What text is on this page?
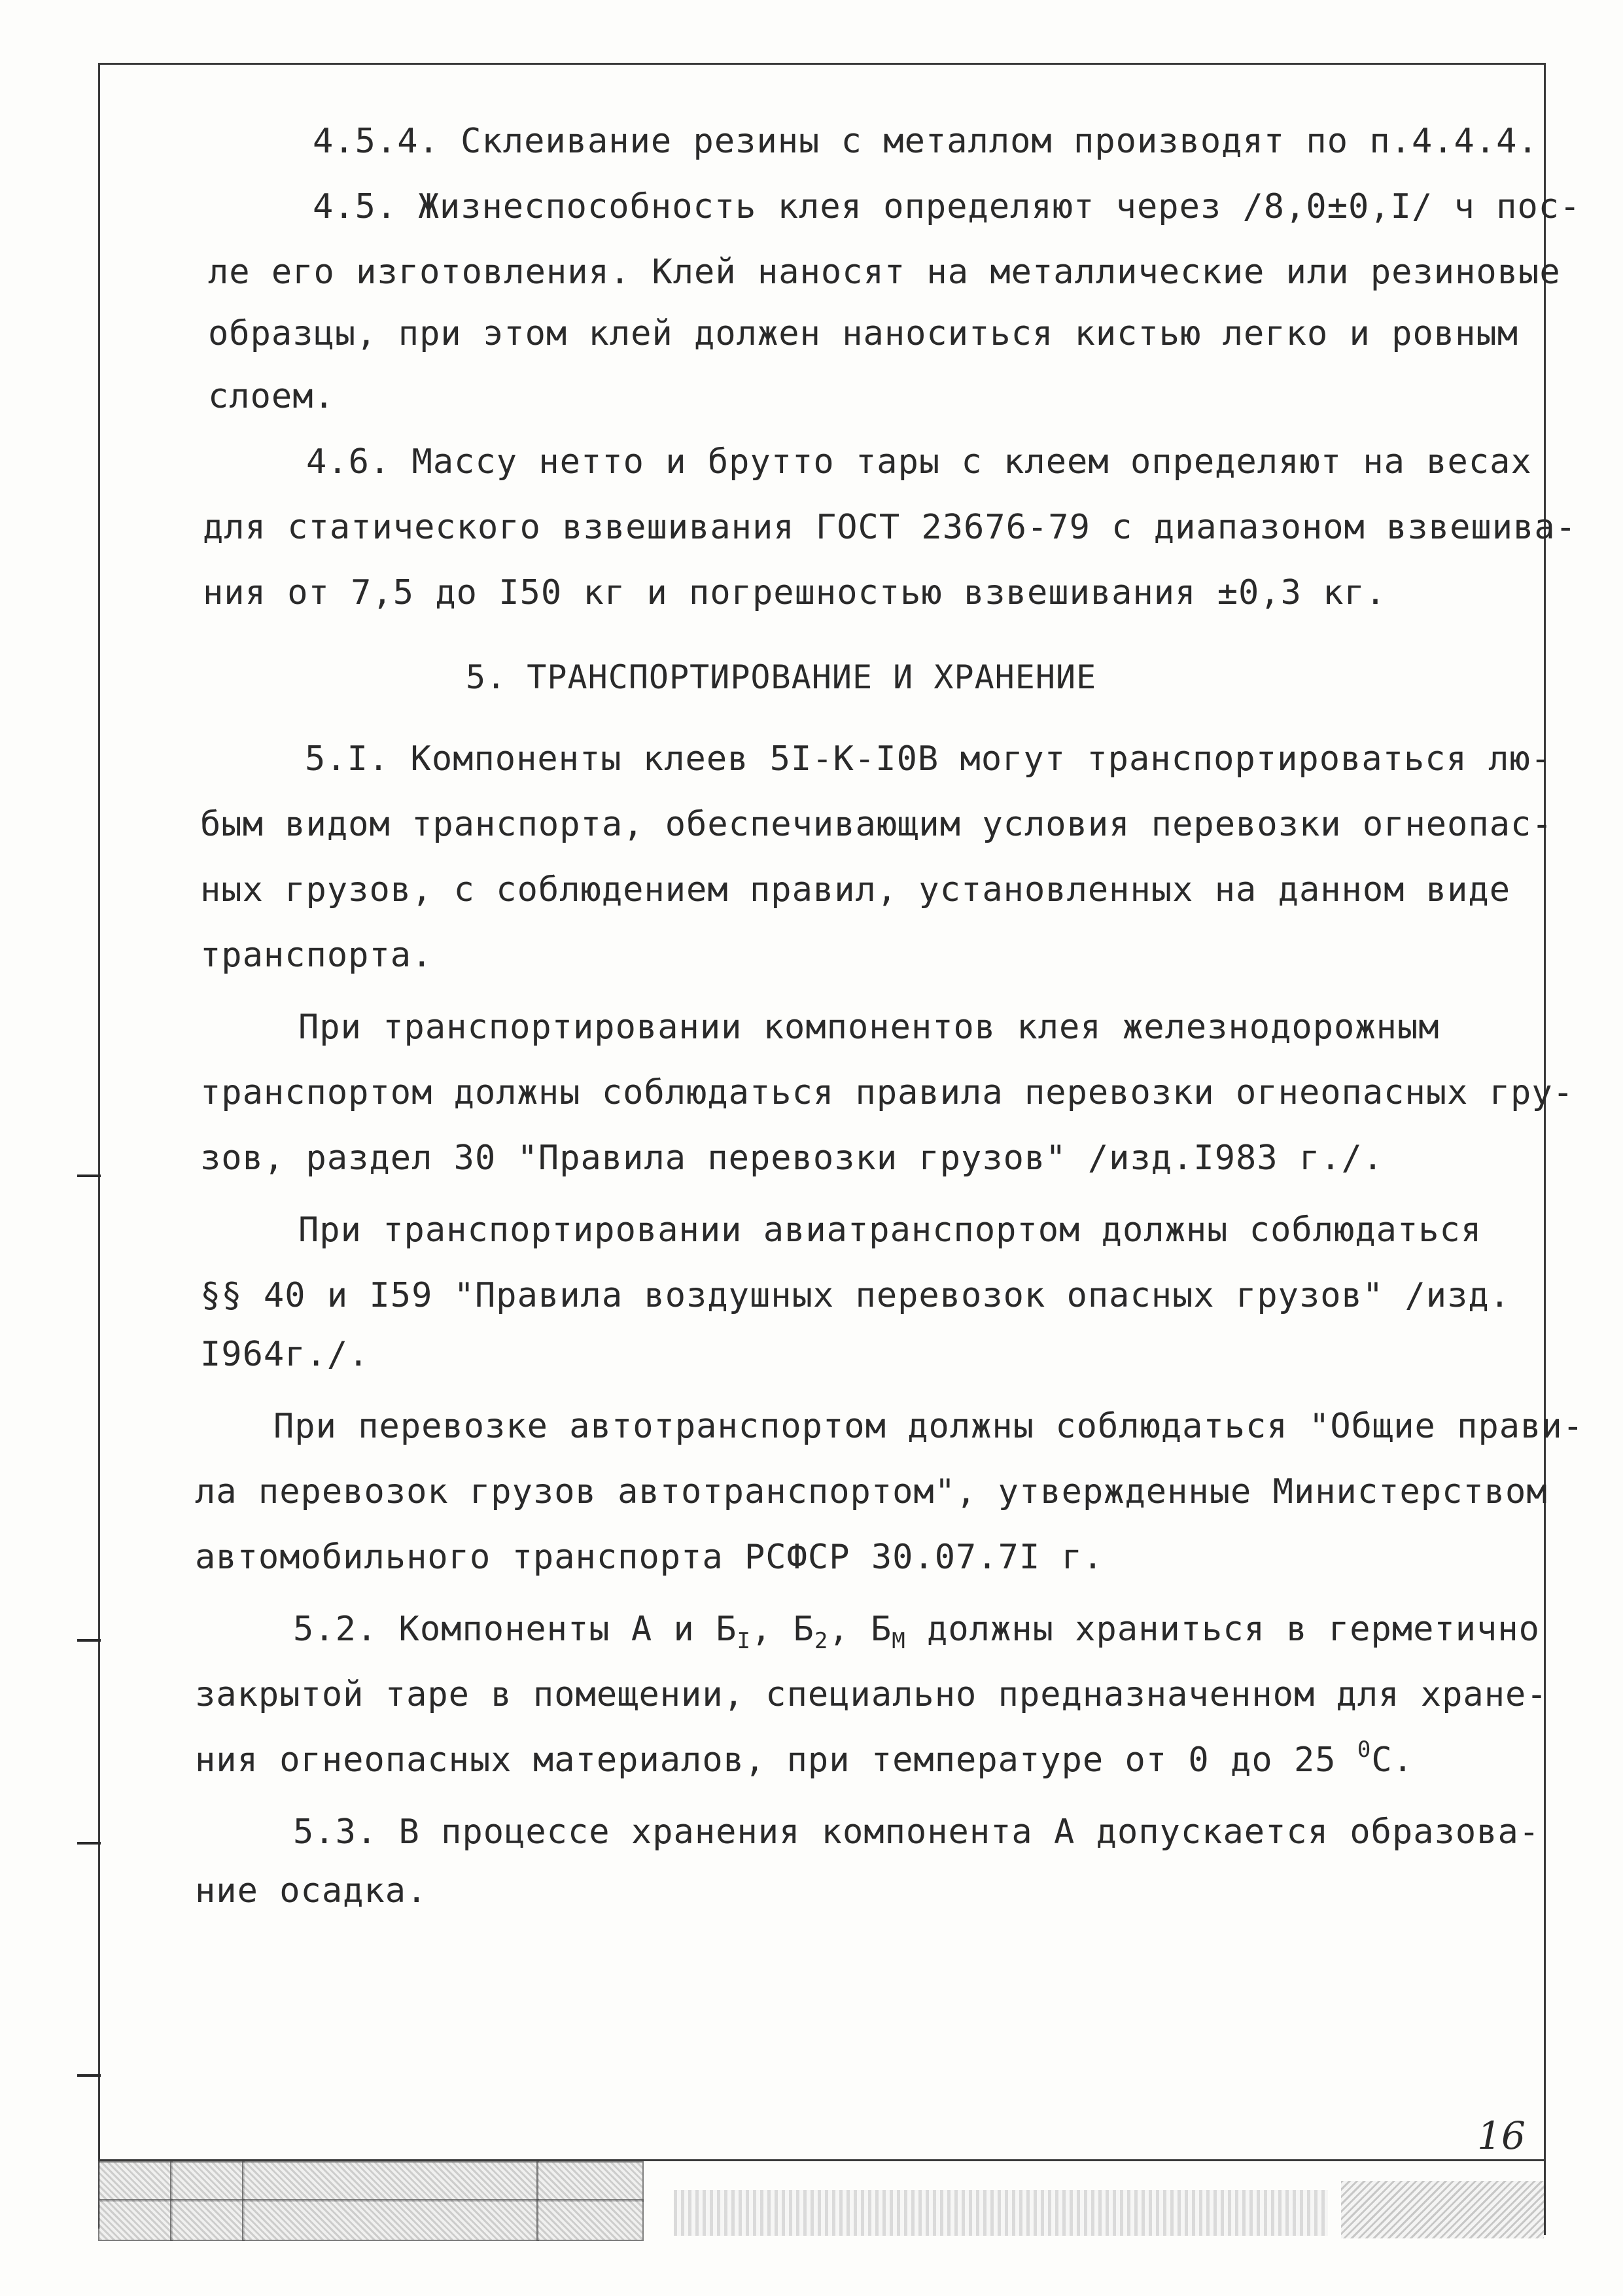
4.5.4. Склеивание резины с металлом производят по п.4.4.4.
4.5. Жизнеспособность клея определяют через /8,0±0,I/ ч пос-
ле его изготовления. Клей наносят на металлические или резиновые
образцы, при этом клей должен наноситься кистью легко и ровным
слоем.
4.6. Массу нетто и брутто тары с клеем определяют на весах
для статического взвешивания ГОСТ 23676-79 с диапазоном взвешива-
ния от 7,5 до I50 кг и погрешностью взвешивания ±0,3 кг.
5. ТРАНСПОРТИРОВАНИЕ И ХРАНЕНИЕ
5.I. Компоненты клеев 5I-К-I0В могут транспортироваться лю-
бым видом транспорта, обеспечивающим условия перевозки огнеопас-
ных грузов, с соблюдением правил, установленных на данном виде
транспорта.
При транспортировании компонентов клея железнодорожным
транспортом должны соблюдаться правила перевозки огнеопасных гру-
зов, раздел 30 "Правила перевозки грузов" /изд.I983 г./.
При транспортировании авиатранспортом должны соблюдаться
§§ 40 и I59 "Правила воздушных перевозок опасных грузов" /изд.
I964г./.
При перевозке автотранспортом должны соблюдаться "Общие прави-
ла перевозок грузов автотранспортом", утвержденные Министерством
автомобильного транспорта РСФСР 30.07.7I г.
5.2. Компоненты А и $Б_I$, $Б_2$, $Б_М$ должны храниться в герметично
закрытой таре в помещении, специально предназначенном для хране-
ния огнеопасных материалов, при температуре от 0 до 25 $^0$С.
5.3. В процессе хранения компонента А допускается образова-
ние осадка.
16
